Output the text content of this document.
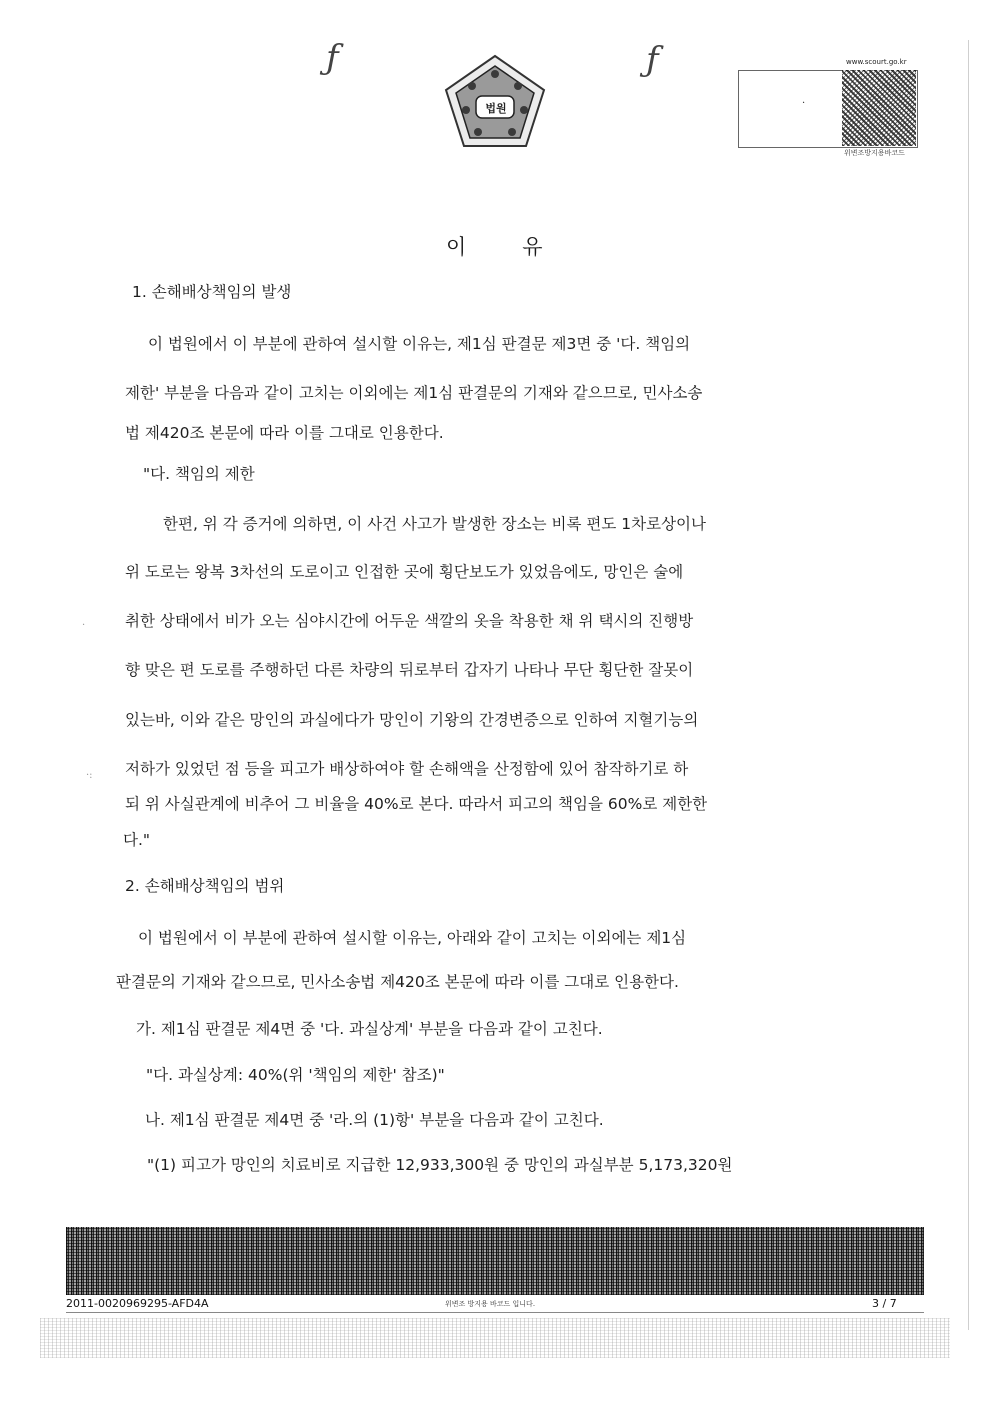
ƒ	ƒ
법원
www.scourt.go.kr
·
위변조방지용바코드
이	유
1. 손해배상책임의 발생
이 법원에서 이 부분에 관하여 설시할 이유는, 제1심 판결문 제3면 중 '다. 책임의
제한' 부분을 다음과 같이 고치는 이외에는 제1심 판결문의 기재와 같으므로, 민사소송
법 제420조 본문에 따라 이를 그대로 인용한다.
"다. 책임의 제한
한편, 위 각 증거에 의하면, 이 사건 사고가 발생한 장소는 비록 편도 1차로상이나
위 도로는 왕복 3차선의 도로이고 인접한 곳에 횡단보도가 있었음에도, 망인은 술에
취한 상태에서 비가 오는 심야시간에 어두운 색깔의 옷을 착용한 채 위 택시의 진행방
향 맞은 편 도로를 주행하던 다른 차량의 뒤로부터 갑자기 나타나 무단 횡단한 잘못이
있는바, 이와 같은 망인의 과실에다가 망인이 기왕의 간경변증으로 인하여 지혈기능의
저하가 있었던 점 등을 피고가 배상하여야 할 손해액을 산정함에 있어 참작하기로 하
되 위 사실관계에 비추어 그 비율을 40%로 본다. 따라서 피고의 책임을 60%로 제한한
다."
2. 손해배상책임의 범위
이 법원에서 이 부분에 관하여 설시할 이유는, 아래와 같이 고치는 이외에는 제1심
판결문의 기재와 같으므로, 민사소송법 제420조 본문에 따라 이를 그대로 인용한다.
가. 제1심 판결문 제4면 중 '다. 과실상계' 부분을 다음과 같이 고친다.
"다. 과실상계: 40%(위 '책임의 제한' 참조)"
나. 제1심 판결문 제4면 중 '라.의 (1)항' 부분을 다음과 같이 고친다.
"(1) 피고가 망인의 치료비로 지급한 12,933,300원 중 망인의 과실부분 5,173,320원
·
·:
2011-0020969295-AFD4A	위변조 방지용 바코드 입니다.	3 / 7
